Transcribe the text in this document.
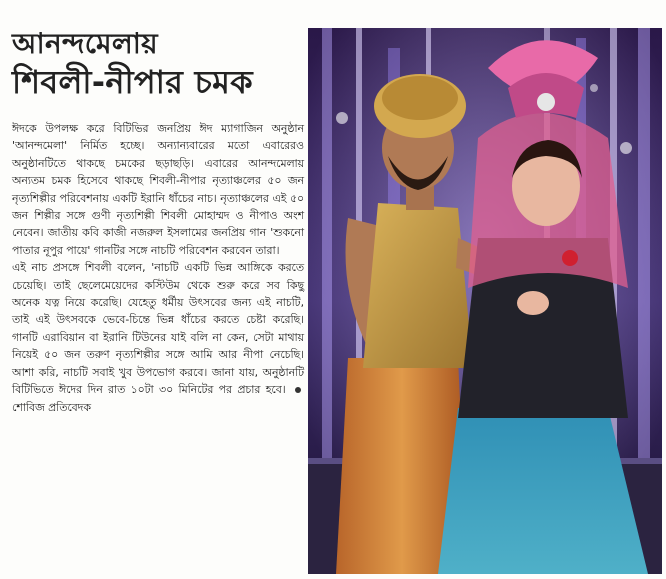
আনন্দমেলায়
শিবলী-নীপার চমক

ঈদকে উপলক্ষ করে বিটিভির জনপ্রিয় ঈদ ম্যাগাজিন অনুষ্ঠান 'আনন্দমেলা' নির্মিত হচ্ছে। অন্যান্যবারের মতো এবারেরও অনুষ্ঠানটিতে থাকছে চমকের ছড়াছড়ি। এবারের আনন্দমেলায় অন্যতম চমক হিসেবে থাকছে শিবলী-নীপার নৃত্যাঞ্চলের ৫০ জন নৃত্যশিল্পীর পরিবেশনায় একটি ইরানি ধাঁচের নাচ। নৃত্যাঞ্চলের এই ৫০ জন শিল্পীর সঙ্গে গুণী নৃত্যশিল্পী শিবলী মোহাম্মদ ও নীপাও অংশ নেবেন। জাতীয় কবি কাজী নজরুল ইসলামের জনপ্রিয় গান 'শুকনো পাতার নূপুর পায়ে' গানটির সঙ্গে নাচটি পরিবেশন করবেন তারা।

এই নাচ প্রসঙ্গে শিবলী বলেন, 'নাচটি একটি ভিন্ন আঙ্গিকে করতে চেয়েছি। তাই ছেলেমেয়েদের কস্টিউম থেকে শুরু করে সব কিছু অনেক যত্ন নিয়ে করেছি। যেহেতু ধর্মীয় উৎসবের জন্য এই নাচটি, তাই এই উৎসবকে ভেবে-চিন্তে ভিন্ন ধাঁচের করতে চেষ্টা করেছি। গানটি এরাবিয়ান বা ইরানি টিউনের যাই বলি না কেন, সেটা মাথায় নিয়েই ৫০ জন তরুণ নৃত্যশিল্পীর সঙ্গে আমি আর নীপা নেচেছি। আশা করি, নাচটি সবাই খুব উপভোগ করবে। জানা যায়, অনুষ্ঠানটি বিটিভিতে ঈদের দিন রাত ১০টা ৩০ মিনিটের পর প্রচার হবে। শোবিজ প্রতিবেদক
